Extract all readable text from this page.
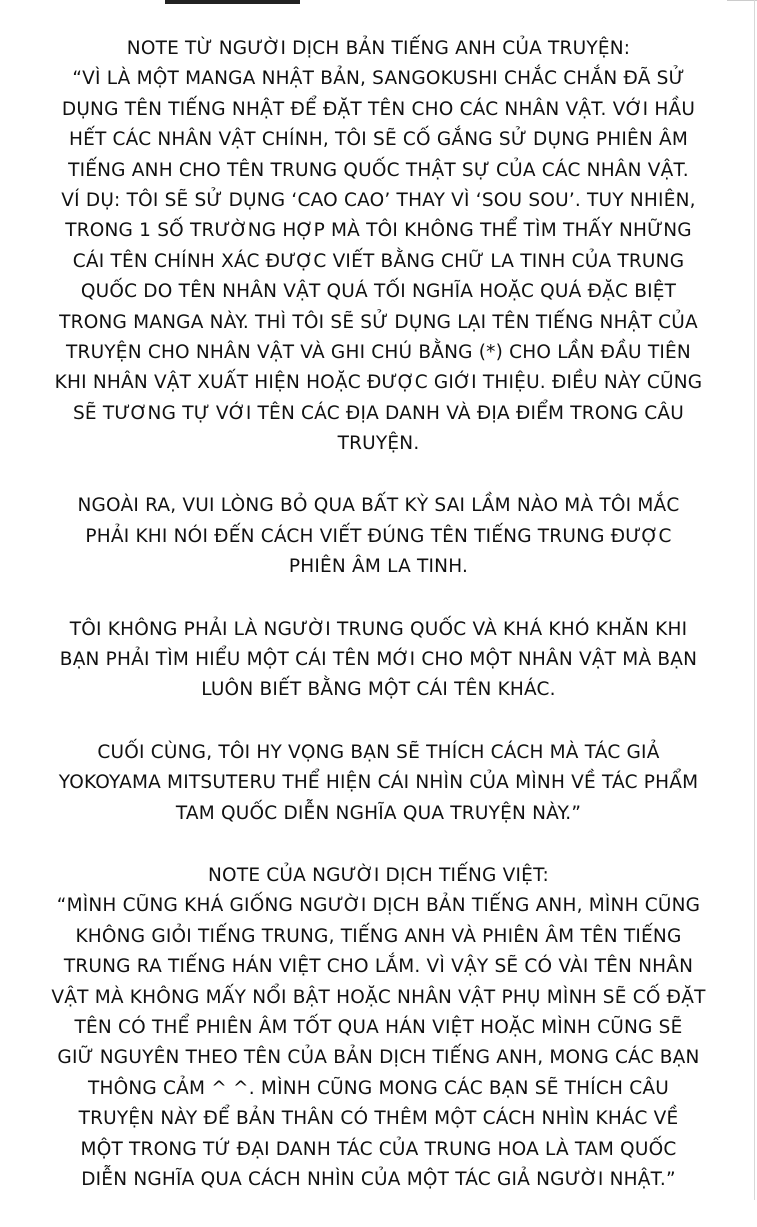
NOTE TỪ NGƯỜI DỊCH BẢN TIẾNG ANH CỦA TRUYỆN:
“VÌ LÀ MỘT MANGA NHẬT BẢN, SANGOKUSHI CHẮC CHẮN ĐÃ SỬ
DỤNG TÊN TIẾNG NHẬT ĐỂ ĐẶT TÊN CHO CÁC NHÂN VẬT. VỚI HẦU
HẾT CÁC NHÂN VẬT CHÍNH, TÔI SẼ CỐ GẮNG SỬ DỤNG PHIÊN ÂM
TIẾNG ANH CHO TÊN TRUNG QUỐC THẬT SỰ CỦA CÁC NHÂN VẬT.
VÍ DỤ: TÔI SẼ SỬ DỤNG ‘CAO CAO’ THAY VÌ ‘SOU SOU’. TUY NHIÊN,
TRONG 1 SỐ TRƯỜNG HỢP MÀ TÔI KHÔNG THỂ TÌM THẤY NHỮNG
CÁI TÊN CHÍNH XÁC ĐƯỢC VIẾT BẰNG CHỮ LA TINH CỦA TRUNG
QUỐC DO TÊN NHÂN VẬT QUÁ TỐI NGHĨA HOẶC QUÁ ĐẶC BIỆT
TRONG MANGA NÀY. THÌ TÔI SẼ SỬ DỤNG LẠI TÊN TIẾNG NHẬT CỦA
TRUYỆN CHO NHÂN VẬT VÀ GHI CHÚ BẰNG (*) CHO LẦN ĐẦU TIÊN
KHI NHÂN VẬT XUẤT HIỆN HOẶC ĐƯỢC GIỚI THIỆU. ĐIỀU NÀY CŨNG
SẼ TƯƠNG TỰ VỚI TÊN CÁC ĐỊA DANH VÀ ĐỊA ĐIỂM TRONG CÂU
TRUYỆN.
NGOÀI RA, VUI LÒNG BỎ QUA BẤT KỲ SAI LẦM NÀO MÀ TÔI MẮC
PHẢI KHI NÓI ĐẾN CÁCH VIẾT ĐÚNG TÊN TIẾNG TRUNG ĐƯỢC
PHIÊN ÂM LA TINH.
TÔI KHÔNG PHẢI LÀ NGƯỜI TRUNG QUỐC VÀ KHÁ KHÓ KHĂN KHI
BẠN PHẢI TÌM HIỂU MỘT CÁI TÊN MỚI CHO MỘT NHÂN VẬT MÀ BẠN
LUÔN BIẾT BẰNG MỘT CÁI TÊN KHÁC.
CUỐI CÙNG, TÔI HY VỌNG BẠN SẼ THÍCH CÁCH MÀ TÁC GIẢ
YOKOYAMA MITSUTERU THỂ HIỆN CÁI NHÌN CỦA MÌNH VỀ TÁC PHẨM
TAM QUỐC DIỄN NGHĨA QUA TRUYỆN NÀY.”
NOTE CỦA NGƯỜI DỊCH TIẾNG VIỆT:
“MÌNH CŨNG KHÁ GIỐNG NGƯỜI DỊCH BẢN TIẾNG ANH, MÌNH CŨNG
KHÔNG GIỎI TIẾNG TRUNG, TIẾNG ANH VÀ PHIÊN ÂM TÊN TIẾNG
TRUNG RA TIẾNG HÁN VIỆT CHO LẮM. VÌ VẬY SẼ CÓ VÀI TÊN NHÂN
VẬT MÀ KHÔNG MẤY NỔI BẬT HOẶC NHÂN VẬT PHỤ MÌNH SẼ CỐ ĐẶT
TÊN CÓ THỂ PHIÊN ÂM TỐT QUA HÁN VIỆT HOẶC MÌNH CŨNG SẼ
GIỮ NGUYÊN THEO TÊN CỦA BẢN DỊCH TIẾNG ANH, MONG CÁC BẠN
THÔNG CẢM ^ ^. MÌNH CŨNG MONG CÁC BẠN SẼ THÍCH CÂU
TRUYỆN NÀY ĐỂ BẢN THÂN CÓ THÊM MỘT CÁCH NHÌN KHÁC VỀ
MỘT TRONG TỨ ĐẠI DANH TÁC CỦA TRUNG HOA LÀ TAM QUỐC
DIỄN NGHĨA QUA CÁCH NHÌN CỦA MỘT TÁC GIẢ NGƯỜI NHẬT.”
